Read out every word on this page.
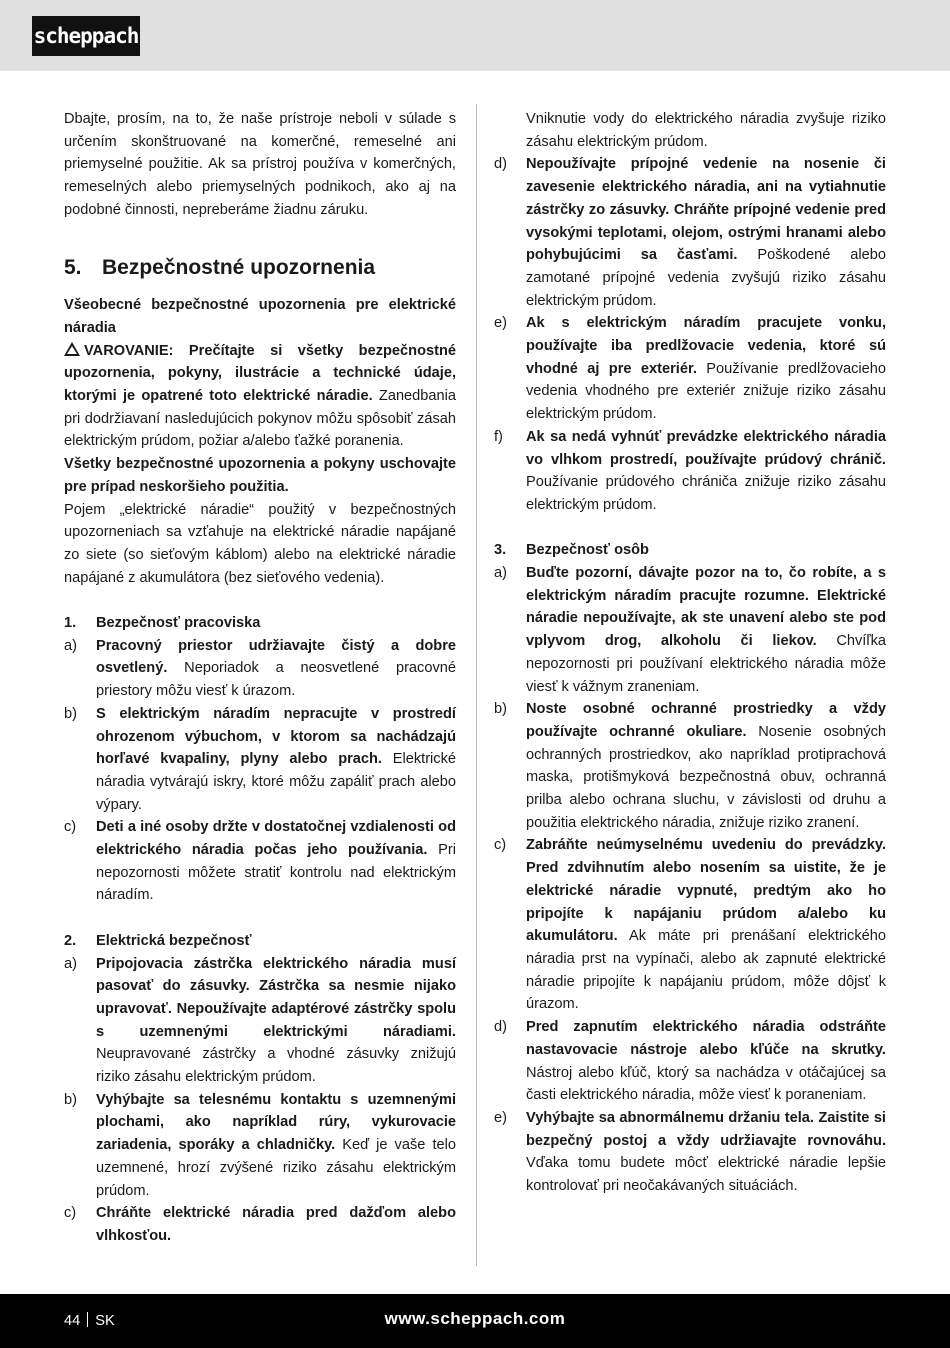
scheppach

Dbajte, prosím, na to, že naše prístroje neboli v súlade s určením skonštruované na komerčné, remeselné ani priemyselné použitie. Ak sa prístroj používa v komerčných, remeselných alebo priemyselných podnikoch, ako aj na podobné činnosti, nepreberáme žiadnu záruku.

5. Bezpečnostné upozornenia

Všeobecné bezpečnostné upozornenia pre elektrické náradia

VAROVANIE: Prečítajte si všetky bezpečnostné upozornenia, pokyny, ilustrácie a technické údaje, ktorými je opatrené toto elektrické náradie. Zanedbania pri dodržiavaní nasledujúcich pokynov môžu spôsobiť zásah elektrickým prúdom, požiar a/alebo ťažké poranenia.

Všetky bezpečnostné upozornenia a pokyny uschovajte pre prípad neskoršieho použitia.

Pojem „elektrické náradie“ použitý v bezpečnostných upozorneniach sa vzťahuje na elektrické náradie napájané zo siete (so sieťovým káblom) alebo na elektrické náradie napájané z akumulátora (bez sieťového vedenia).

1.	Bezpečnosť pracoviska
a)	Pracovný priestor udržiavajte čistý a dobre osvetlený. Neporiadok a neosvetlené pracovné priestory môžu viesť k úrazom.
b)	S elektrickým náradím nepracujte v prostredí ohrozenom výbuchom, v ktorom sa nachádzajú horľavé kvapaliny, plyny alebo prach. Elektrické náradia vytvárajú iskry, ktoré môžu zapáliť prach alebo výpary.
c)	Deti a iné osoby držte v dostatočnej vzdialenosti od elektrického náradia počas jeho používania. Pri nepozornosti môžete stratiť kontrolu nad elektrickým náradím.
2.	Elektrická bezpečnosť
a)	Pripojovacia zástrčka elektrického náradia musí pasovať do zásuvky. Zástrčka sa nesmie nijako upravovať. Nepoužívajte adaptérové zástrčky spolu s uzemnenými elektrickými náradiami. Neupravované zástrčky a vhodné zásuvky znižujú riziko zásahu elektrickým prúdom.
b)	Vyhýbajte sa telesnému kontaktu s uzemnenými plochami, ako napríklad rúry, vykurovacie zariadenia, sporáky a chladničky. Keď je vaše telo uzemnené, hrozí zvýšené riziko zásahu elektrickým prúdom.
c)	Chráňte elektrické náradia pred dažďom alebo vlhkosťou.

Vniknutie vody do elektrického náradia zvyšuje riziko zásahu elektrickým prúdom.

d)	Nepoužívajte prípojné vedenie na nosenie či zavesenie elektrického náradia, ani na vytiahnutie zástrčky zo zásuvky. Chráňte prípojné vedenie pred vysokými teplotami, olejom, ostrými hranami alebo pohybujúcimi sa časťami. Poškodené alebo zamotané prípojné vedenia zvyšujú riziko zásahu elektrickým prúdom.
e)	Ak s elektrickým náradím pracujete vonku, používajte iba predlžovacie vedenia, ktoré sú vhodné aj pre exteriér. Používanie predlžovacieho vedenia vhodného pre exteriér znižuje riziko zásahu elektrickým prúdom.
f)	Ak sa nedá vyhnúť prevádzke elektrického náradia vo vlhkom prostredí, používajte prúdový chránič. Používanie prúdového chrániča znižuje riziko zásahu elektrickým prúdom.
3.	Bezpečnosť osôb
a)	Buďte pozorní, dávajte pozor na to, čo robíte, a s elektrickým náradím pracujte rozumne. Elektrické náradie nepoužívajte, ak ste unavení alebo ste pod vplyvom drog, alkoholu či liekov. Chvíľka nepozornosti pri používaní elektrického náradia môže viesť k vážnym zraneniam.
b)	Noste osobné ochranné prostriedky a vždy používajte ochranné okuliare. Nosenie osobných ochranných prostriedkov, ako napríklad protiprachová maska, protišmyková bezpečnostná obuv, ochranná prilba alebo ochrana sluchu, v závislosti od druhu a použitia elektrického náradia, znižuje riziko zranení.
c)	Zabráňte neúmyselnému uvedeniu do prevádzky. Pred zdvihnutím alebo nosením sa uistite, že je elektrické náradie vypnuté, predtým ako ho pripojíte k napájaniu prúdom a/alebo ku akumulátoru. Ak máte pri prenášaní elektrického náradia prst na vypínači, alebo ak zapnuté elektrické náradie pripojíte k napájaniu prúdom, môže dôjsť k úrazom.
d)	Pred zapnutím elektrického náradia odstráňte nastavovacie nástroje alebo kľúče na skrutky. Nástroj alebo kľúč, ktorý sa nachádza v otáčajúcej sa časti elektrického náradia, môže viesť k poraneniam.
e)	Vyhýbajte sa abnormálnemu držaniu tela. Zaistite si bezpečný postoj a vždy udržiavajte rovnováhu. Vďaka tomu budete môcť elektrické náradie lepšie kontrolovať pri neočakávaných situáciách.
44 SK	www.scheppach.com
